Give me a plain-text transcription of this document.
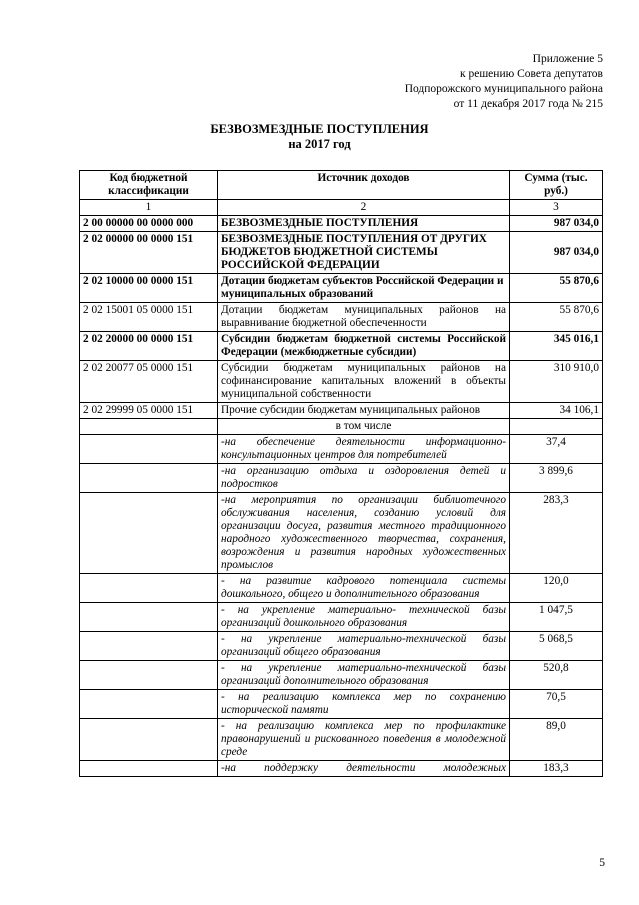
Приложение 5
к решению Совета депутатов
Подпорожского муниципального района
от 11 декабря 2017 года № 215
БЕЗВОЗМЕЗДНЫЕ ПОСТУПЛЕНИЯ
на 2017 год
Код бюджетной классификации	Источник доходов	Сумма (тыс. руб.)
1	2	3
2 00 00000 00 0000 000	БЕЗВОЗМЕЗДНЫЕ ПОСТУПЛЕНИЯ	987 034,0
2 02 00000 00 0000 151	БЕЗВОЗМЕЗДНЫЕ ПОСТУПЛЕНИЯ ОТ ДРУГИХ БЮДЖЕТОВ БЮДЖЕТНОЙ СИСТЕМЫ РОССИЙСКОЙ ФЕДЕРАЦИИ	987 034,0
2 02 10000 00 0000 151	Дотации бюджетам субъектов Российской Федерации и муниципальных образований	55 870,6
2 02 15001 05 0000 151	Дотации бюджетам муниципальных районов на выравнивание бюджетной обеспеченности	55 870,6
2 02 20000 00 0000 151	Субсидии бюджетам бюджетной системы Российской Федерации (межбюджетные субсидии)	345 016,1
2 02 20077 05 0000 151	Субсидии бюджетам муниципальных районов на софинансирование капитальных вложений в объекты муниципальной собственности	310 910,0
2 02 29999 05 0000 151	Прочие субсидии бюджетам муниципальных районов	34 106,1
	в том числе	
	-на обеспечение деятельности информационно-консультационных центров для потребителей	37,4
	-на организацию отдыха и оздоровления детей и подростков	3 899,6
	-на мероприятия по организации библиотечного обслуживания населения, созданию условий для организации досуга, развития местного традиционного народного художественного творчества, сохранения, возрождения и развития народных художественных промыслов	283,3
	- на развитие кадрового потенциала системы дошкольного, общего и дополнительного образования	120,0
	- на укрепление материально- технической базы организаций дошкольного образования	1 047,5
	- на укрепление материально-технической базы организаций общего образования	5 068,5
	- на укрепление материально-технической базы организаций дополнительного образования	520,8
	- на реализацию комплекса мер по сохранению исторической памяти	70,5
	- на реализацию комплекса мер по профилактике правонарушений и рискованного поведения в молодежной среде	89,0
	-на поддержку деятельности молодежных	183,3
5
